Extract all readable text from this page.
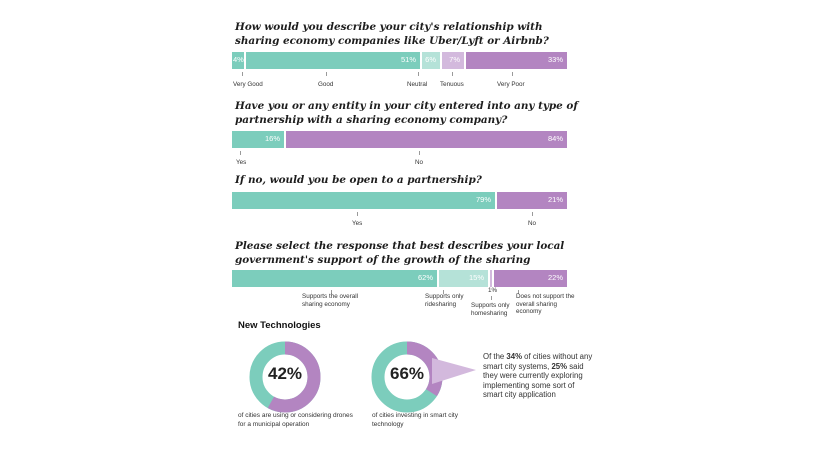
How would you describe your city's relationship with sharing economy companies like Uber/Lyft or Airbnb?
4%	51% 6% 7%	33%
Very Good	Good	Neutral Tenuous	Very Poor
Have you or any entity in your city entered into any type of partnership with a sharing economy company?
16%	84%
Yes	No
If no, would you be open to a partnership?
79%	21%
Yes	No
Please select the response that best describes your local government's support of the growth of the sharing
62%	15%	22%
1%
Supports the overall sharing economy
Supports only ridesharing	Supports only homesharing
Does not support the overall sharing economy
New Technologies
42%
of cities are using or considering drones for a municipal operation
66%
of cities investing in smart city technology
Of the 34% of cities without any smart city systems, 25% said they were currently exploring implementing some sort of smart city application
